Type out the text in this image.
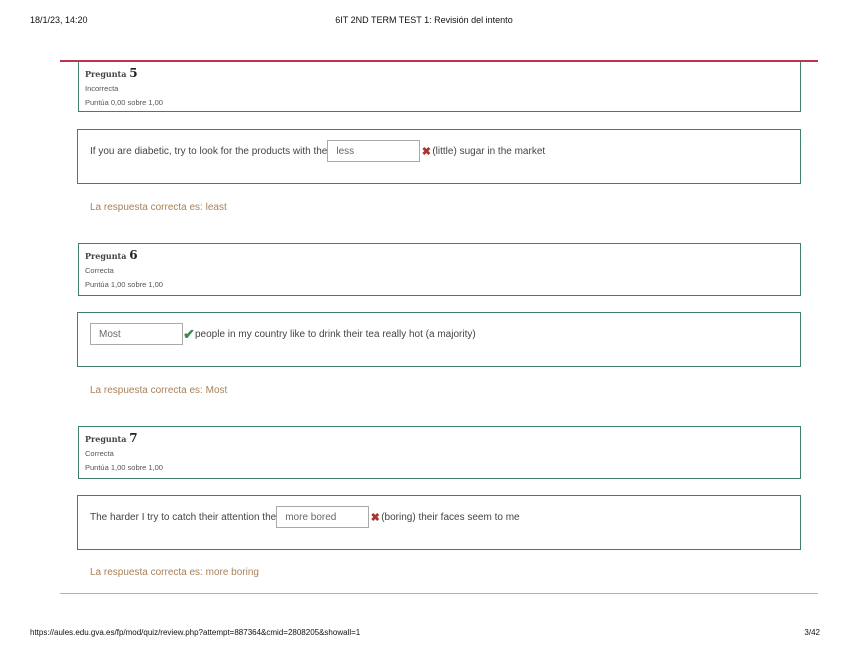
18/1/23, 14:20	6IT 2ND TERM TEST 1: Revisión del intento
Pregunta 5
Incorrecta
Puntúa 0,00 sobre 1,00
If you are diabetic, try to look for the products with the
less	✖ (little) sugar in the market
La respuesta correcta es: least
Pregunta 6
Correcta
Puntúa 1,00 sobre 1,00
Most
✔ people in my country like to drink their tea really hot (a majority)
La respuesta correcta es: Most
Pregunta 7
Correcta
Puntúa 1,00 sobre 1,00
The harder I try to catch their attention the
more bored	✖ (boring) their faces seem to me
La respuesta correcta es: more boring
https://aules.edu.gva.es/fp/mod/quiz/review.php?attempt=887364&cmid=2808205&showall=1	3/42
